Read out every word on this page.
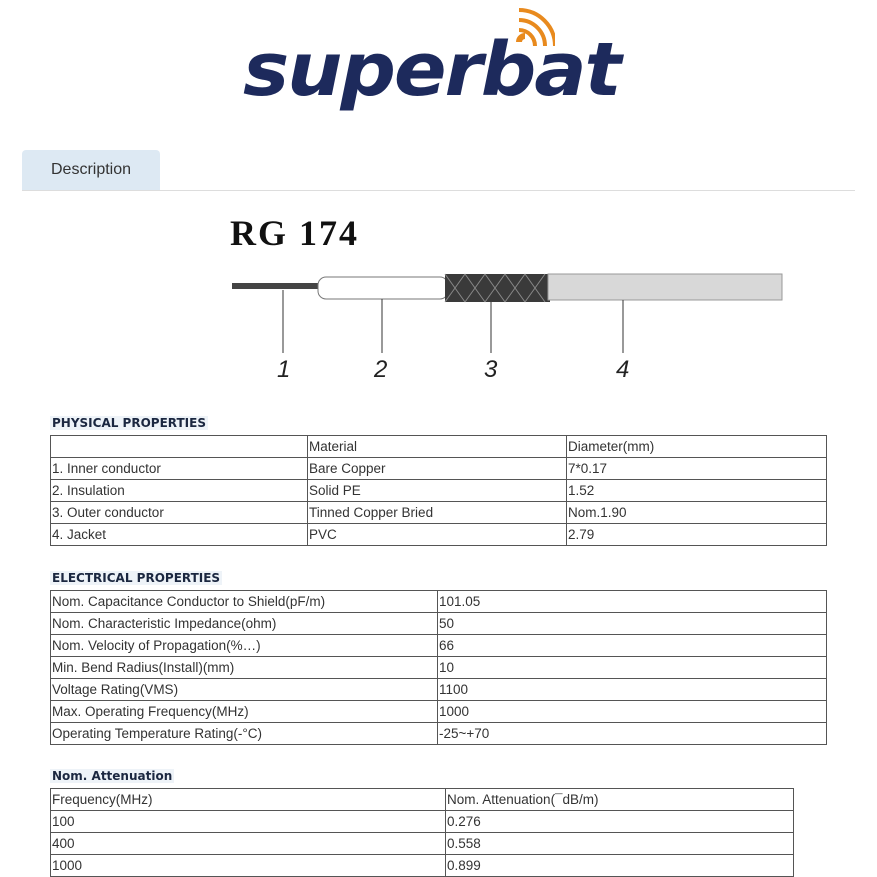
superbat
Description
RG 174
1	2	3	4
PHYSICAL PROPERTIES
	Material	Diameter(mm)
1. Inner conductor	Bare Copper	7*0.17
2. Insulation	Solid PE	1.52
3. Outer conductor	Tinned Copper Bried	Nom.1.90
4. Jacket	PVC	2.79
ELECTRICAL PROPERTIES
Nom. Capacitance Conductor to Shield(pF/m)	101.05
Nom. Characteristic Impedance(ohm)	50
Nom. Velocity of Propagation(%…)	66
Min. Bend Radius(Install)(mm)	10
Voltage Rating(VMS)	1100
Max. Operating Frequency(MHz)	1000
Operating Temperature Rating(-°C)	-25~+70
Nom. Attenuation
Frequency(MHz)	Nom. Attenuation(¯dB/m)
100	0.276
400	0.558
1000	0.899
